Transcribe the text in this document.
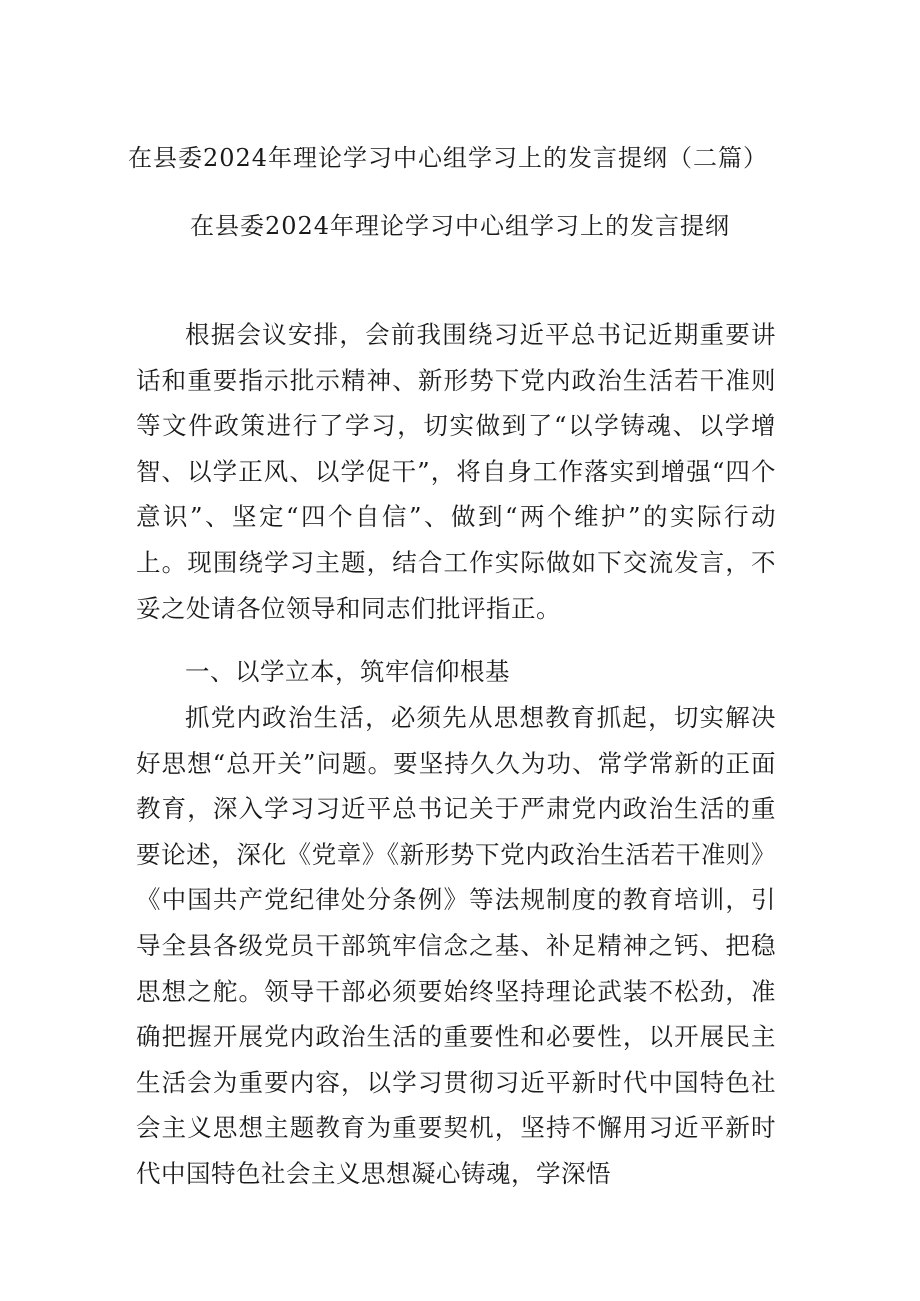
在县委2024年理论学习中心组学习上的发言提纲（二篇）
在县委2024年理论学习中心组学习上的发言提纲

根据会议安排，会前我围绕习近平总书记近期重要讲话和重要指示批示精神、新形势下党内政治生活若干准则等文件政策进行了学习，切实做到了“以学铸魂、以学增智、以学正风、以学促干”，将自身工作落实到增强“四个意识”、坚定“四个自信”、做到“两个维护”的实际行动上。现围绕学习主题，结合工作实际做如下交流发言，不妥之处请各位领导和同志们批评指正。

一、以学立本，筑牢信仰根基

抓党内政治生活，必须先从思想教育抓起，切实解决好思想“总开关”问题。要坚持久久为功、常学常新的正面教育，深入学习习近平总书记关于严肃党内政治生活的重要论述，深化《党章》《新形势下党内政治生活若干准则》《中国共产党纪律处分条例》等法规制度的教育培训，引导全县各级党员干部筑牢信念之基、补足精神之钙、把稳思想之舵。领导干部必须要始终坚持理论武装不松劲，准确把握开展党内政治生活的重要性和必要性，以开展民主生活会为重要内容，以学习贯彻习近平新时代中国特色社会主义思想主题教育为重要契机，坚持不懈用习近平新时代中国特色社会主义思想凝心铸魂，学深悟
